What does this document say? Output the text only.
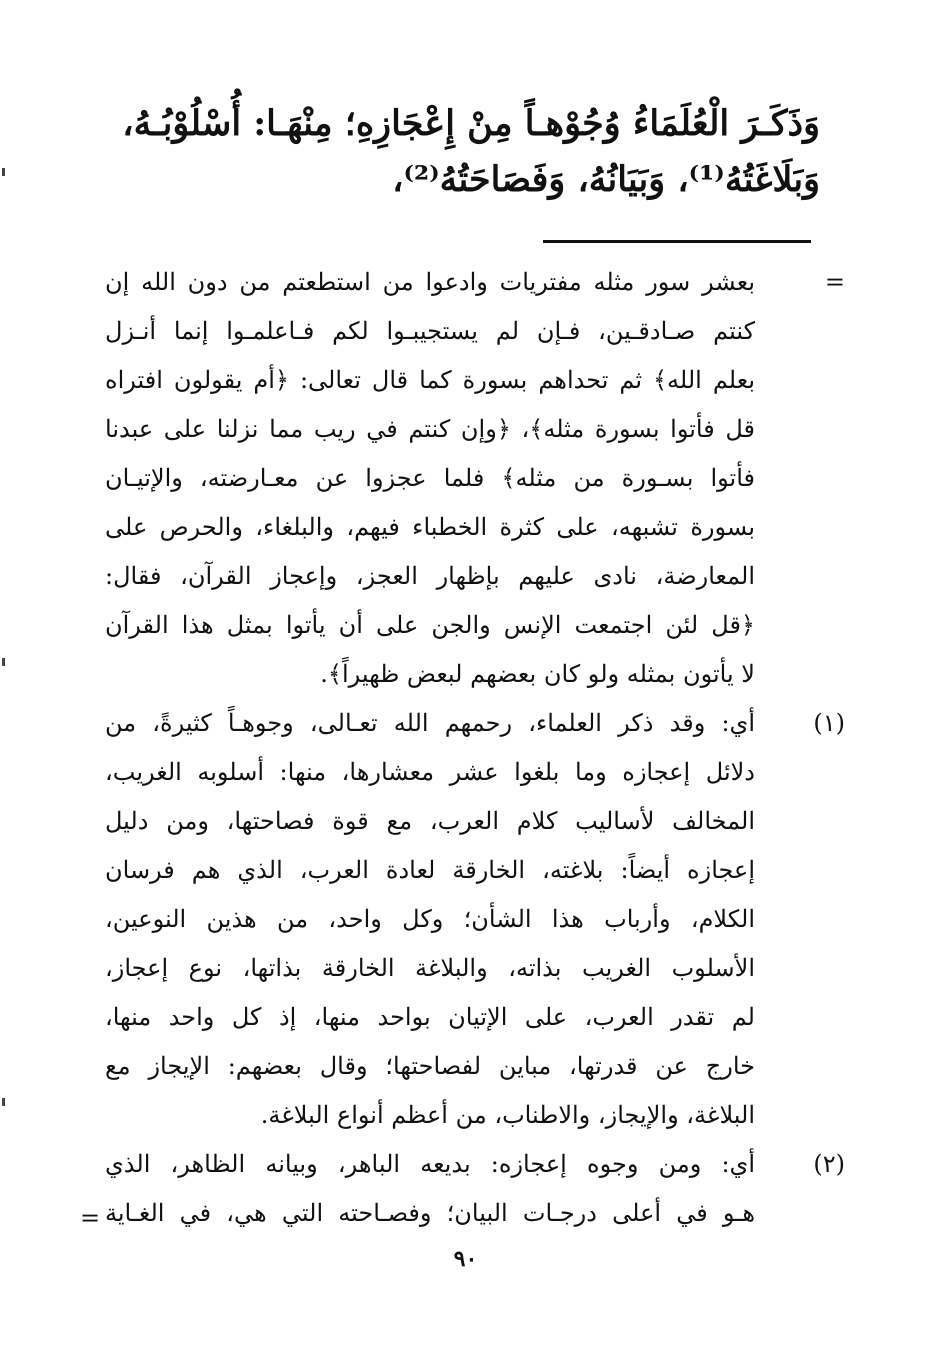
وَذَكَـرَ الْعُلَمَاءُ وُجُوْهـاً مِنْ إِعْجَازِهِ؛ مِنْهَـا: أُسْلُوْبُـهُ،
وَبَلَاغَتُهُ⁽¹⁾، وَبَيَانُهُ، وَفَصَاحَتُهُ⁽²⁾،
=
بعشر سور مثله مفتريات وادعوا من استطعتم من دون الله إن
كنتم صـادقـين، فـإن لم يستجيبـوا لكم فـاعلمـوا إنما أنـزل
بعلم الله﴾ ثم تحداهم بسورة كما قال تعالى: ﴿أم يقولون افتراه
قل فأتوا بسورة مثله﴾، ﴿وإن كنتم في ريب مما نزلنا على عبدنا
فأتوا بسـورة من مثله﴾ فلما عجزوا عن معـارضته، والإتيـان
بسورة تشبهه، على كثرة الخطباء فيهم، والبلغاء، والحرص على
المعارضة، نادى عليهم بإظهار العجز، وإعجاز القرآن، فقال:
﴿قل لئن اجتمعت الإنس والجن على أن يأتوا بمثل هذا القرآن
لا يأتون بمثله ولو كان بعضهم لبعض ظهيراً﴾.
(١)
أي: وقد ذكر العلماء، رحمهم الله تعـالى، وجوهـاً كثيرةً، من
دلائل إعجازه وما بلغوا عشر معشارها، منها: أسلوبه الغريب،
المخالف لأساليب كلام العرب، مع قوة فصاحتها، ومن دليل
إعجازه أيضاً: بلاغته، الخارقة لعادة العرب، الذي هم فرسان
الكلام، وأرباب هذا الشأن؛ وكل واحد، من هذين النوعين،
الأسلوب الغريب بذاته، والبلاغة الخارقة بذاتها، نوع إعجاز،
لم تقدر العرب، على الإتيان بواحد منها، إذ كل واحد منها،
خارج عن قدرتها، مباين لفصاحتها؛ وقال بعضهم: الإيجاز مع
البلاغة، والإيجاز، والاطناب، من أعظم أنواع البلاغة.
(٢)
أي: ومن وجوه إعجازه: بديعه الباهر، وبيانه الظاهر، الذي
هـو في أعلى درجـات البيان؛ وفصـاحته التي هي، في الغـاية
=
٩٠
